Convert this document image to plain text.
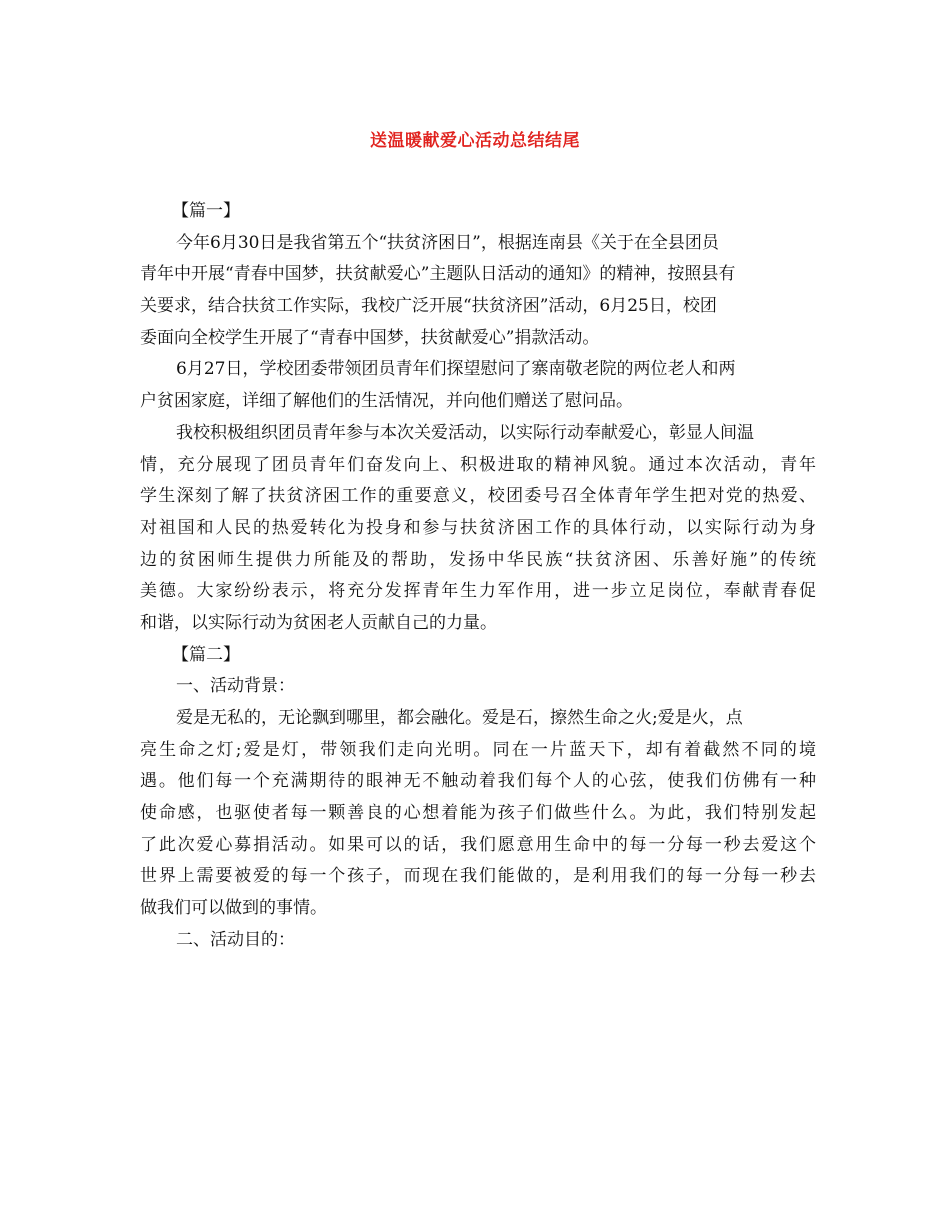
送温暖献爱心活动总结结尾
【篇一】
今年6月30日是我省第五个“扶贫济困日”，根据连南县《关于在全县团员
青年中开展“青春中国梦，扶贫献爱心”主题队日活动的通知》的精神，按照县有
关要求，结合扶贫工作实际，我校广泛开展“扶贫济困”活动，6月25日，校团
委面向全校学生开展了“青春中国梦，扶贫献爱心”捐款活动。
6月27日，学校团委带领团员青年们探望慰问了寨南敬老院的两位老人和两
户贫困家庭，详细了解他们的生活情况，并向他们赠送了慰问品。
我校积极组织团员青年参与本次关爱活动，以实际行动奉献爱心，彰显人间温
情，充分展现了团员青年们奋发向上、积极进取的精神风貌。通过本次活动，青年
学生深刻了解了扶贫济困工作的重要意义，校团委号召全体青年学生把对党的热爱、
对祖国和人民的热爱转化为投身和参与扶贫济困工作的具体行动，以实际行动为身
边的贫困师生提供力所能及的帮助，发扬中华民族“扶贫济困、乐善好施”的传统
美德。大家纷纷表示，将充分发挥青年生力军作用，进一步立足岗位，奉献青春促
和谐，以实际行动为贫困老人贡献自己的力量。
【篇二】
一、活动背景：
爱是无私的，无论飘到哪里，都会融化。爱是石，擦然生命之火;爱是火，点
亮生命之灯;爱是灯，带领我们走向光明。同在一片蓝天下，却有着截然不同的境
遇。他们每一个充满期待的眼神无不触动着我们每个人的心弦，使我们仿佛有一种
使命感，也驱使者每一颗善良的心想着能为孩子们做些什么。为此，我们特别发起
了此次爱心募捐活动。如果可以的话，我们愿意用生命中的每一分每一秒去爱这个
世界上需要被爱的每一个孩子，而现在我们能做的，是利用我们的每一分每一秒去
做我们可以做到的事情。
二、活动目的：
